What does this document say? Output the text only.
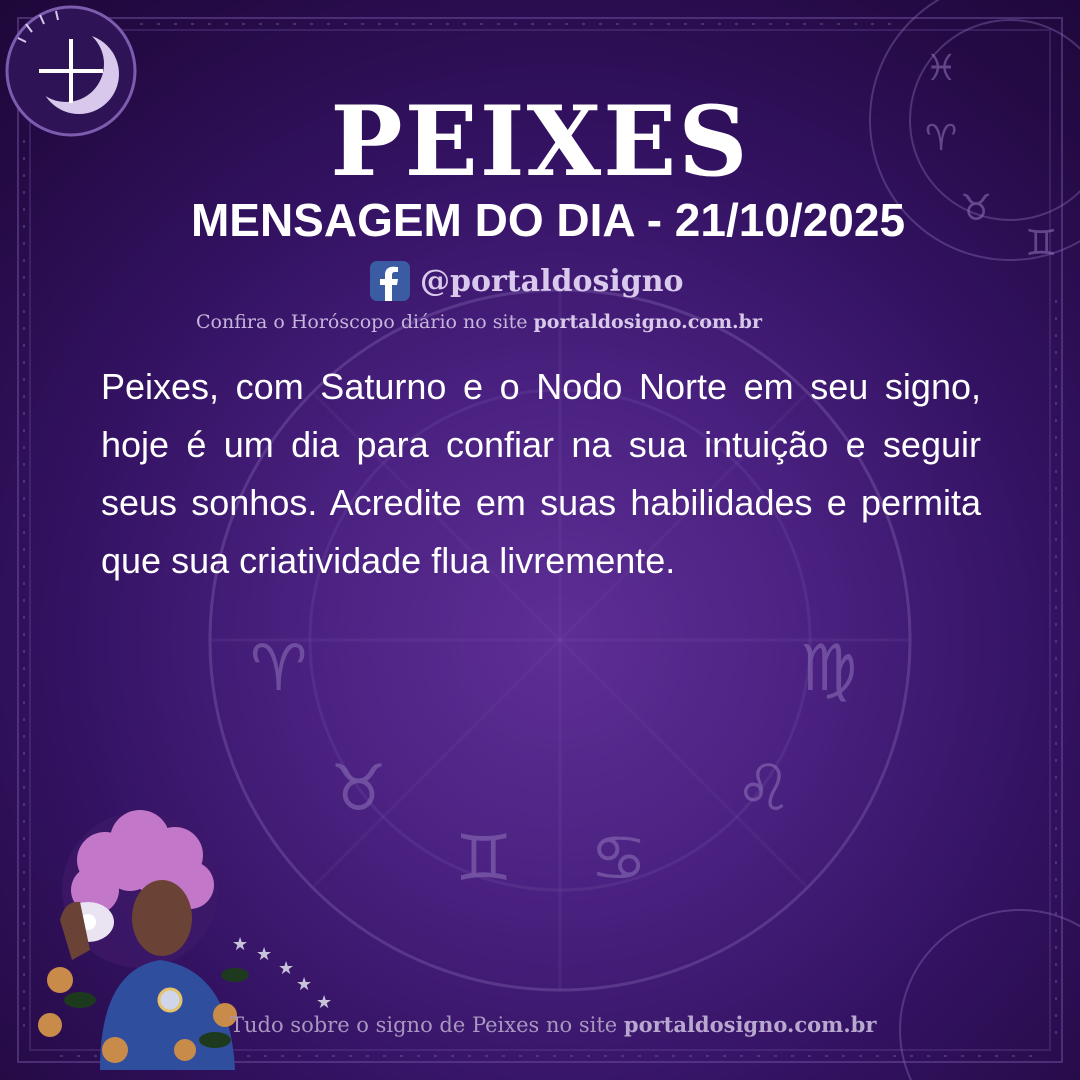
♉
♊ ♋
♌
♍
♈
♓
♈
♉
♊
PEIXES
MENSAGEM DO DIA - 21/10/2025
@portaldosigno
Confira o Horóscopo diário no site portaldosigno.com.br

Peixes, com Saturno e o Nodo Norte em seu signo, hoje é um dia para confiar na sua intuição e seguir seus sonhos. Acredite em suas habilidades e permita que sua criatividade flua livremente.

★ ★
★
★
★
Tudo sobre o signo de Peixes no site portaldosigno.com.br
